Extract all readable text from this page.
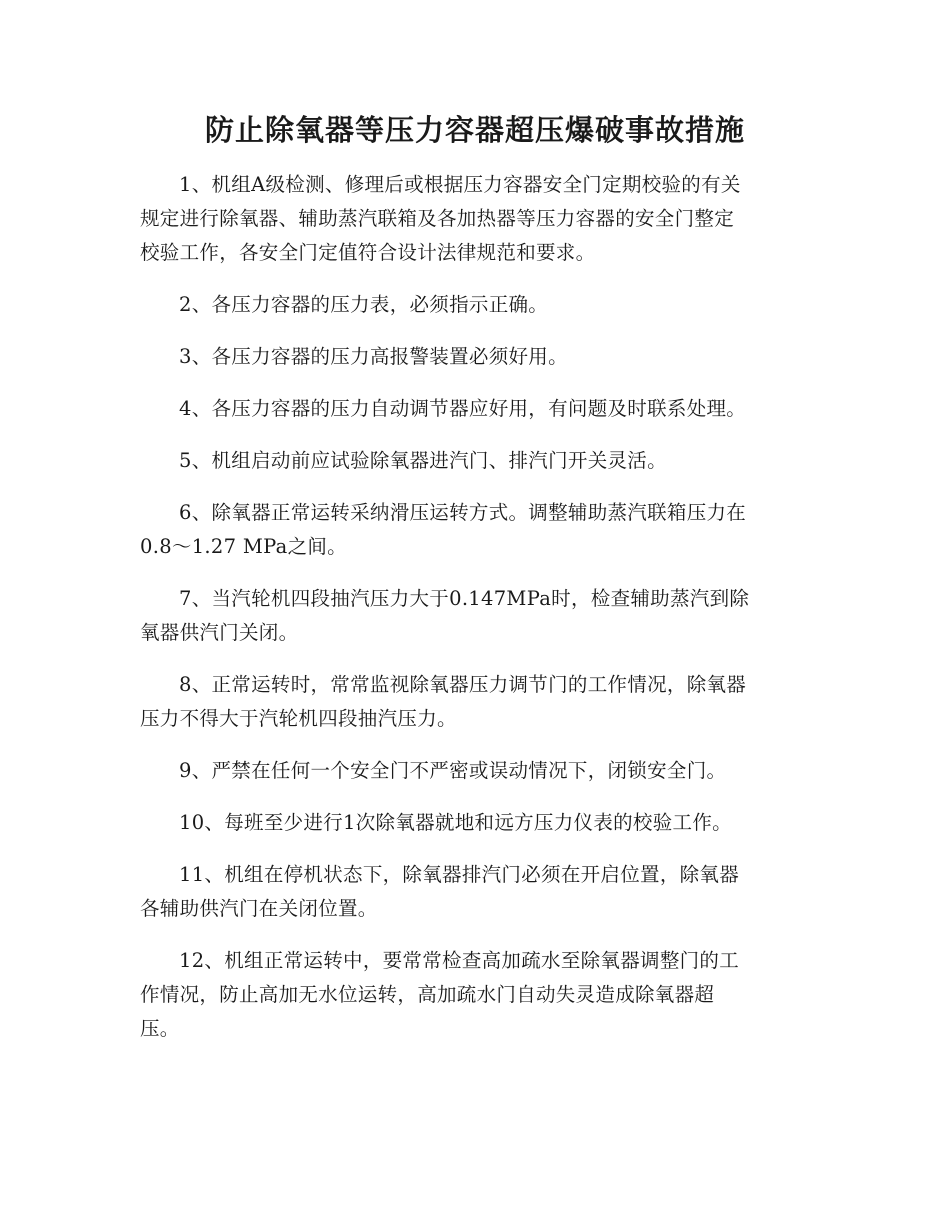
防止除氧器等压力容器超压爆破事故措施

1、机组A级检测、修理后或根据压力容器安全门定期校验的有关
规定进行除氧器、辅助蒸汽联箱及各加热器等压力容器的安全门整定
校验工作，各安全门定值符合设计法律规范和要求。

2、各压力容器的压力表，必须指示正确。

3、各压力容器的压力高报警装置必须好用。

4、各压力容器的压力自动调节器应好用，有问题及时联系处理。

5、机组启动前应试验除氧器进汽门、排汽门开关灵活。

6、除氧器正常运转采纳滑压运转方式。调整辅助蒸汽联箱压力在
0.8～1.27 MPa之间。

7、当汽轮机四段抽汽压力大于0.147MPa时，检查辅助蒸汽到除
氧器供汽门关闭。

8、正常运转时，常常监视除氧器压力调节门的工作情况，除氧器
压力不得大于汽轮机四段抽汽压力。

9、严禁在任何一个安全门不严密或误动情况下，闭锁安全门。

10、每班至少进行1次除氧器就地和远方压力仪表的校验工作。

11、机组在停机状态下，除氧器排汽门必须在开启位置，除氧器
各辅助供汽门在关闭位置。

12、机组正常运转中，要常常检查高加疏水至除氧器调整门的工
作情况，防止高加无水位运转，高加疏水门自动失灵造成除氧器超
压。
